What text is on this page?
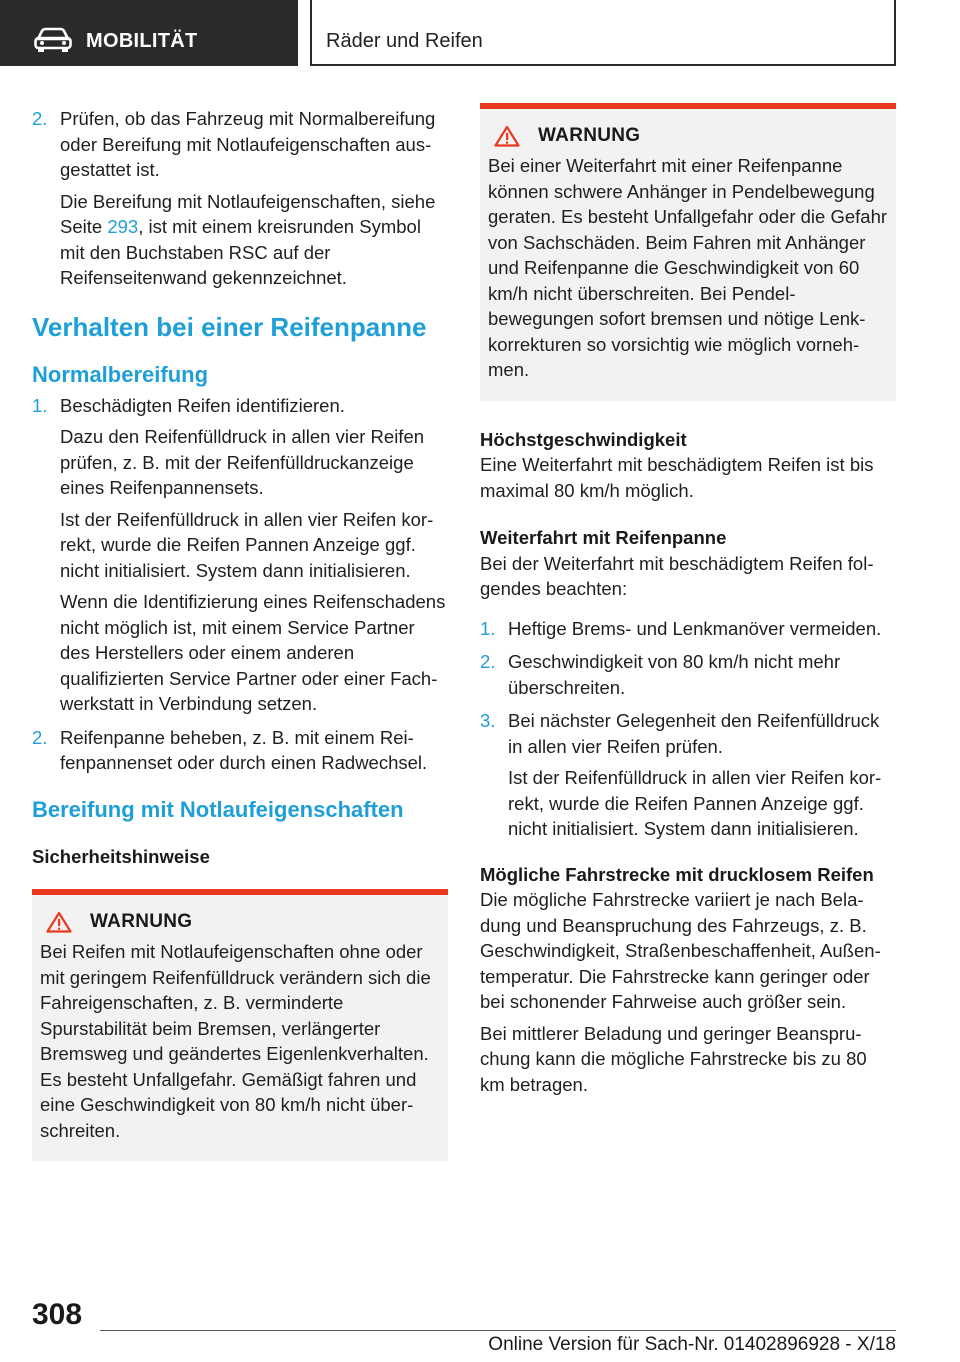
MOBILITÄT	Räder und Reifen
2. Prüfen, ob das Fahrzeug mit Normalbereifung oder Bereifung mit Notlaufeigenschaften ausgestattet ist.

Die Bereifung mit Notlaufeigenschaften, siehe Seite 293, ist mit einem kreisrunden Symbol mit den Buchstaben RSC auf der Reifenseitenwand gekennzeichnet.

Verhalten bei einer Reifenpanne
Normalbereifung
1. Beschädigten Reifen identifizieren.

Dazu den Reifenfülldruck in allen vier Reifen prüfen, z. B. mit der Reifenfülldruckanzeige eines Reifenpannensets.

Ist der Reifenfülldruck in allen vier Reifen korrekt, wurde die Reifen Pannen Anzeige ggf. nicht initialisiert. System dann initialisieren.

Wenn die Identifizierung eines Reifenschadens nicht möglich ist, mit einem Service Partner des Herstellers oder einem anderen qualifizierten Service Partner oder einer Fachwerkstatt in Verbindung setzen.

2. Reifenpanne beheben, z. B. mit einem Reifenpannenset oder durch einen Radwechsel.

Bereifung mit Notlaufeigenschaften
Sicherheitshinweise
WARNUNG

Bei Reifen mit Notlaufeigenschaften ohne oder mit geringem Reifenfülldruck verändern sich die Fahreigenschaften, z. B. verminderte Spurstabilität beim Bremsen, verlängerter Bremsweg und geändertes Eigenlenkverhalten. Es besteht Unfallgefahr. Gemäßigt fahren und eine Geschwindigkeit von 80 km/h nicht überschreiten.

WARNUNG

Bei einer Weiterfahrt mit einer Reifenpanne können schwere Anhänger in Pendelbewegung geraten. Es besteht Unfallgefahr oder die Gefahr von Sachschäden. Beim Fahren mit Anhänger und Reifenpanne die Geschwindigkeit von 60 km/h nicht überschreiten. Bei Pendelbewegungen sofort bremsen und nötige Lenkkorrekturen so vorsichtig wie möglich vornehmen.

Höchstgeschwindigkeit

Eine Weiterfahrt mit beschädigtem Reifen ist bis maximal 80 km/h möglich.

Weiterfahrt mit Reifenpanne

Bei der Weiterfahrt mit beschädigtem Reifen folgendes beachten:

1. Heftige Brems- und Lenkmanöver vermeiden.

2. Geschwindigkeit von 80 km/h nicht mehr überschreiten.

3. Bei nächster Gelegenheit den Reifenfülldruck in allen vier Reifen prüfen.

Ist der Reifenfülldruck in allen vier Reifen korrekt, wurde die Reifen Pannen Anzeige ggf. nicht initialisiert. System dann initialisieren.

Mögliche Fahrstrecke mit drucklosem Reifen

Die mögliche Fahrstrecke variiert je nach Beladung und Beanspruchung des Fahrzeugs, z. B. Geschwindigkeit, Straßenbeschaffenheit, Außentemperatur. Die Fahrstrecke kann geringer oder bei schonender Fahrweise auch größer sein.

Bei mittlerer Beladung und geringer Beanspruchung kann die mögliche Fahrstrecke bis zu 80 km betragen.

308
Online Version für Sach-Nr. 01402896928 - X/18
